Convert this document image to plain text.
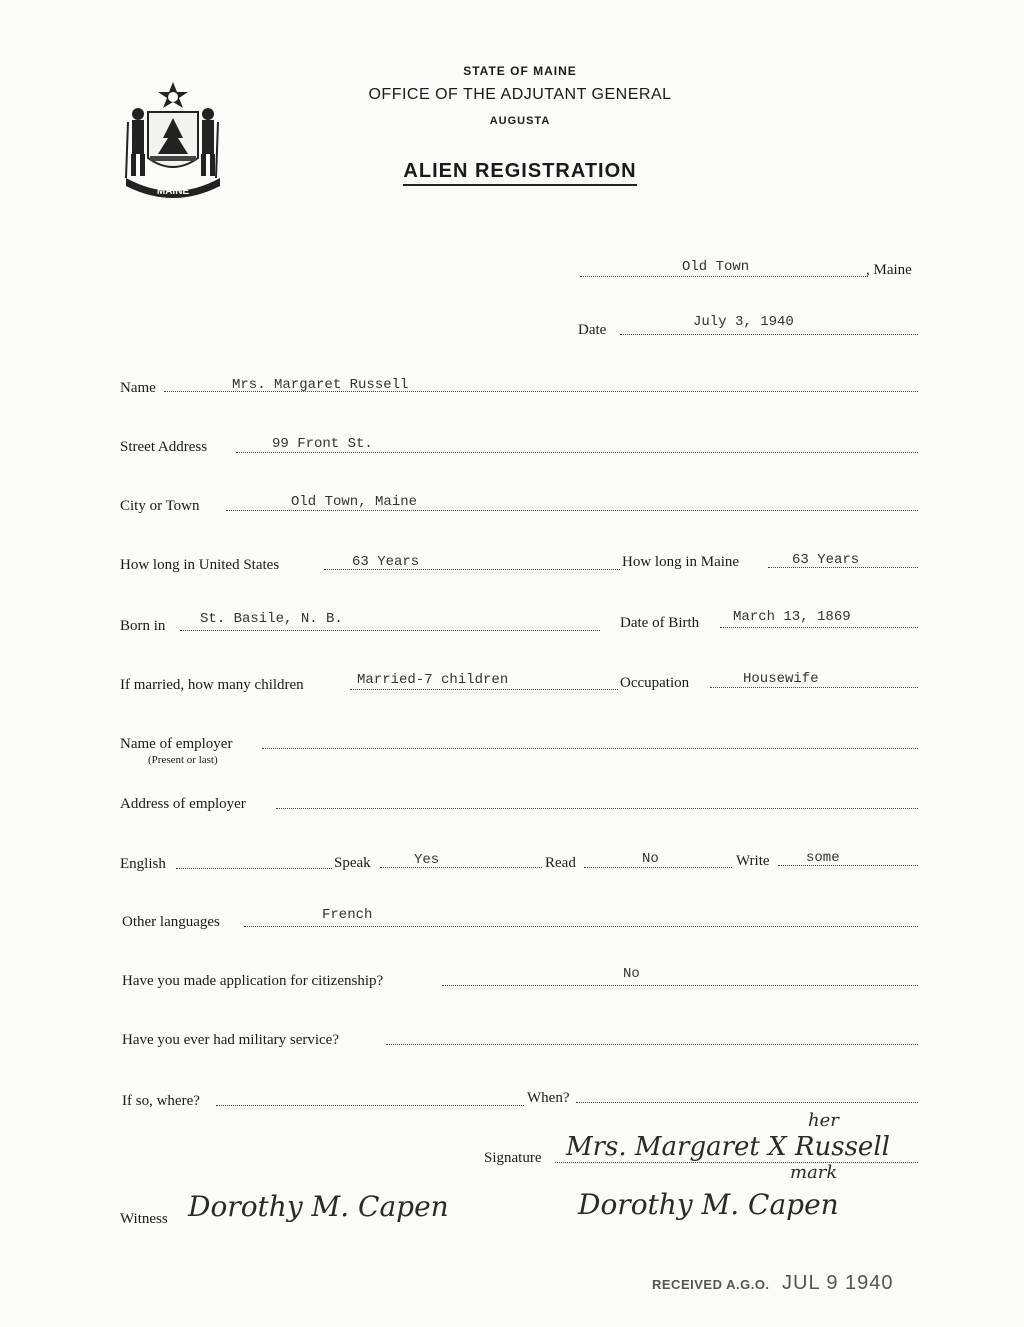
STATE OF MAINE
OFFICE OF THE ADJUTANT GENERAL
AUGUSTA
ALIEN REGISTRATION
MAINE
Old Town	, Maine
Date	July 3, 1940
Name	Mrs. Margaret Russell
Street Address	99 Front St.
City or Town	Old Town, Maine
How long in United States	63 Years	How long in Maine	63 Years
Born in St. Basile, N. B.	Date of Birth March 13, 1869
If married, how many children	Married-7 children	Occupation	Housewife
Name of employer
(Present or last)
Address of employer
English	Speak	Yes	Read	No	Write	some
Other languages	French
Have you made application for citizenship?	No
Have you ever had military service?
If so, where?	When?
Signature Mrs. Margaret X Russell
her
mark
Witness Dorothy M. Capen	Dorothy M. Capen
RECEIVED A.G.O. JUL 9 1940
